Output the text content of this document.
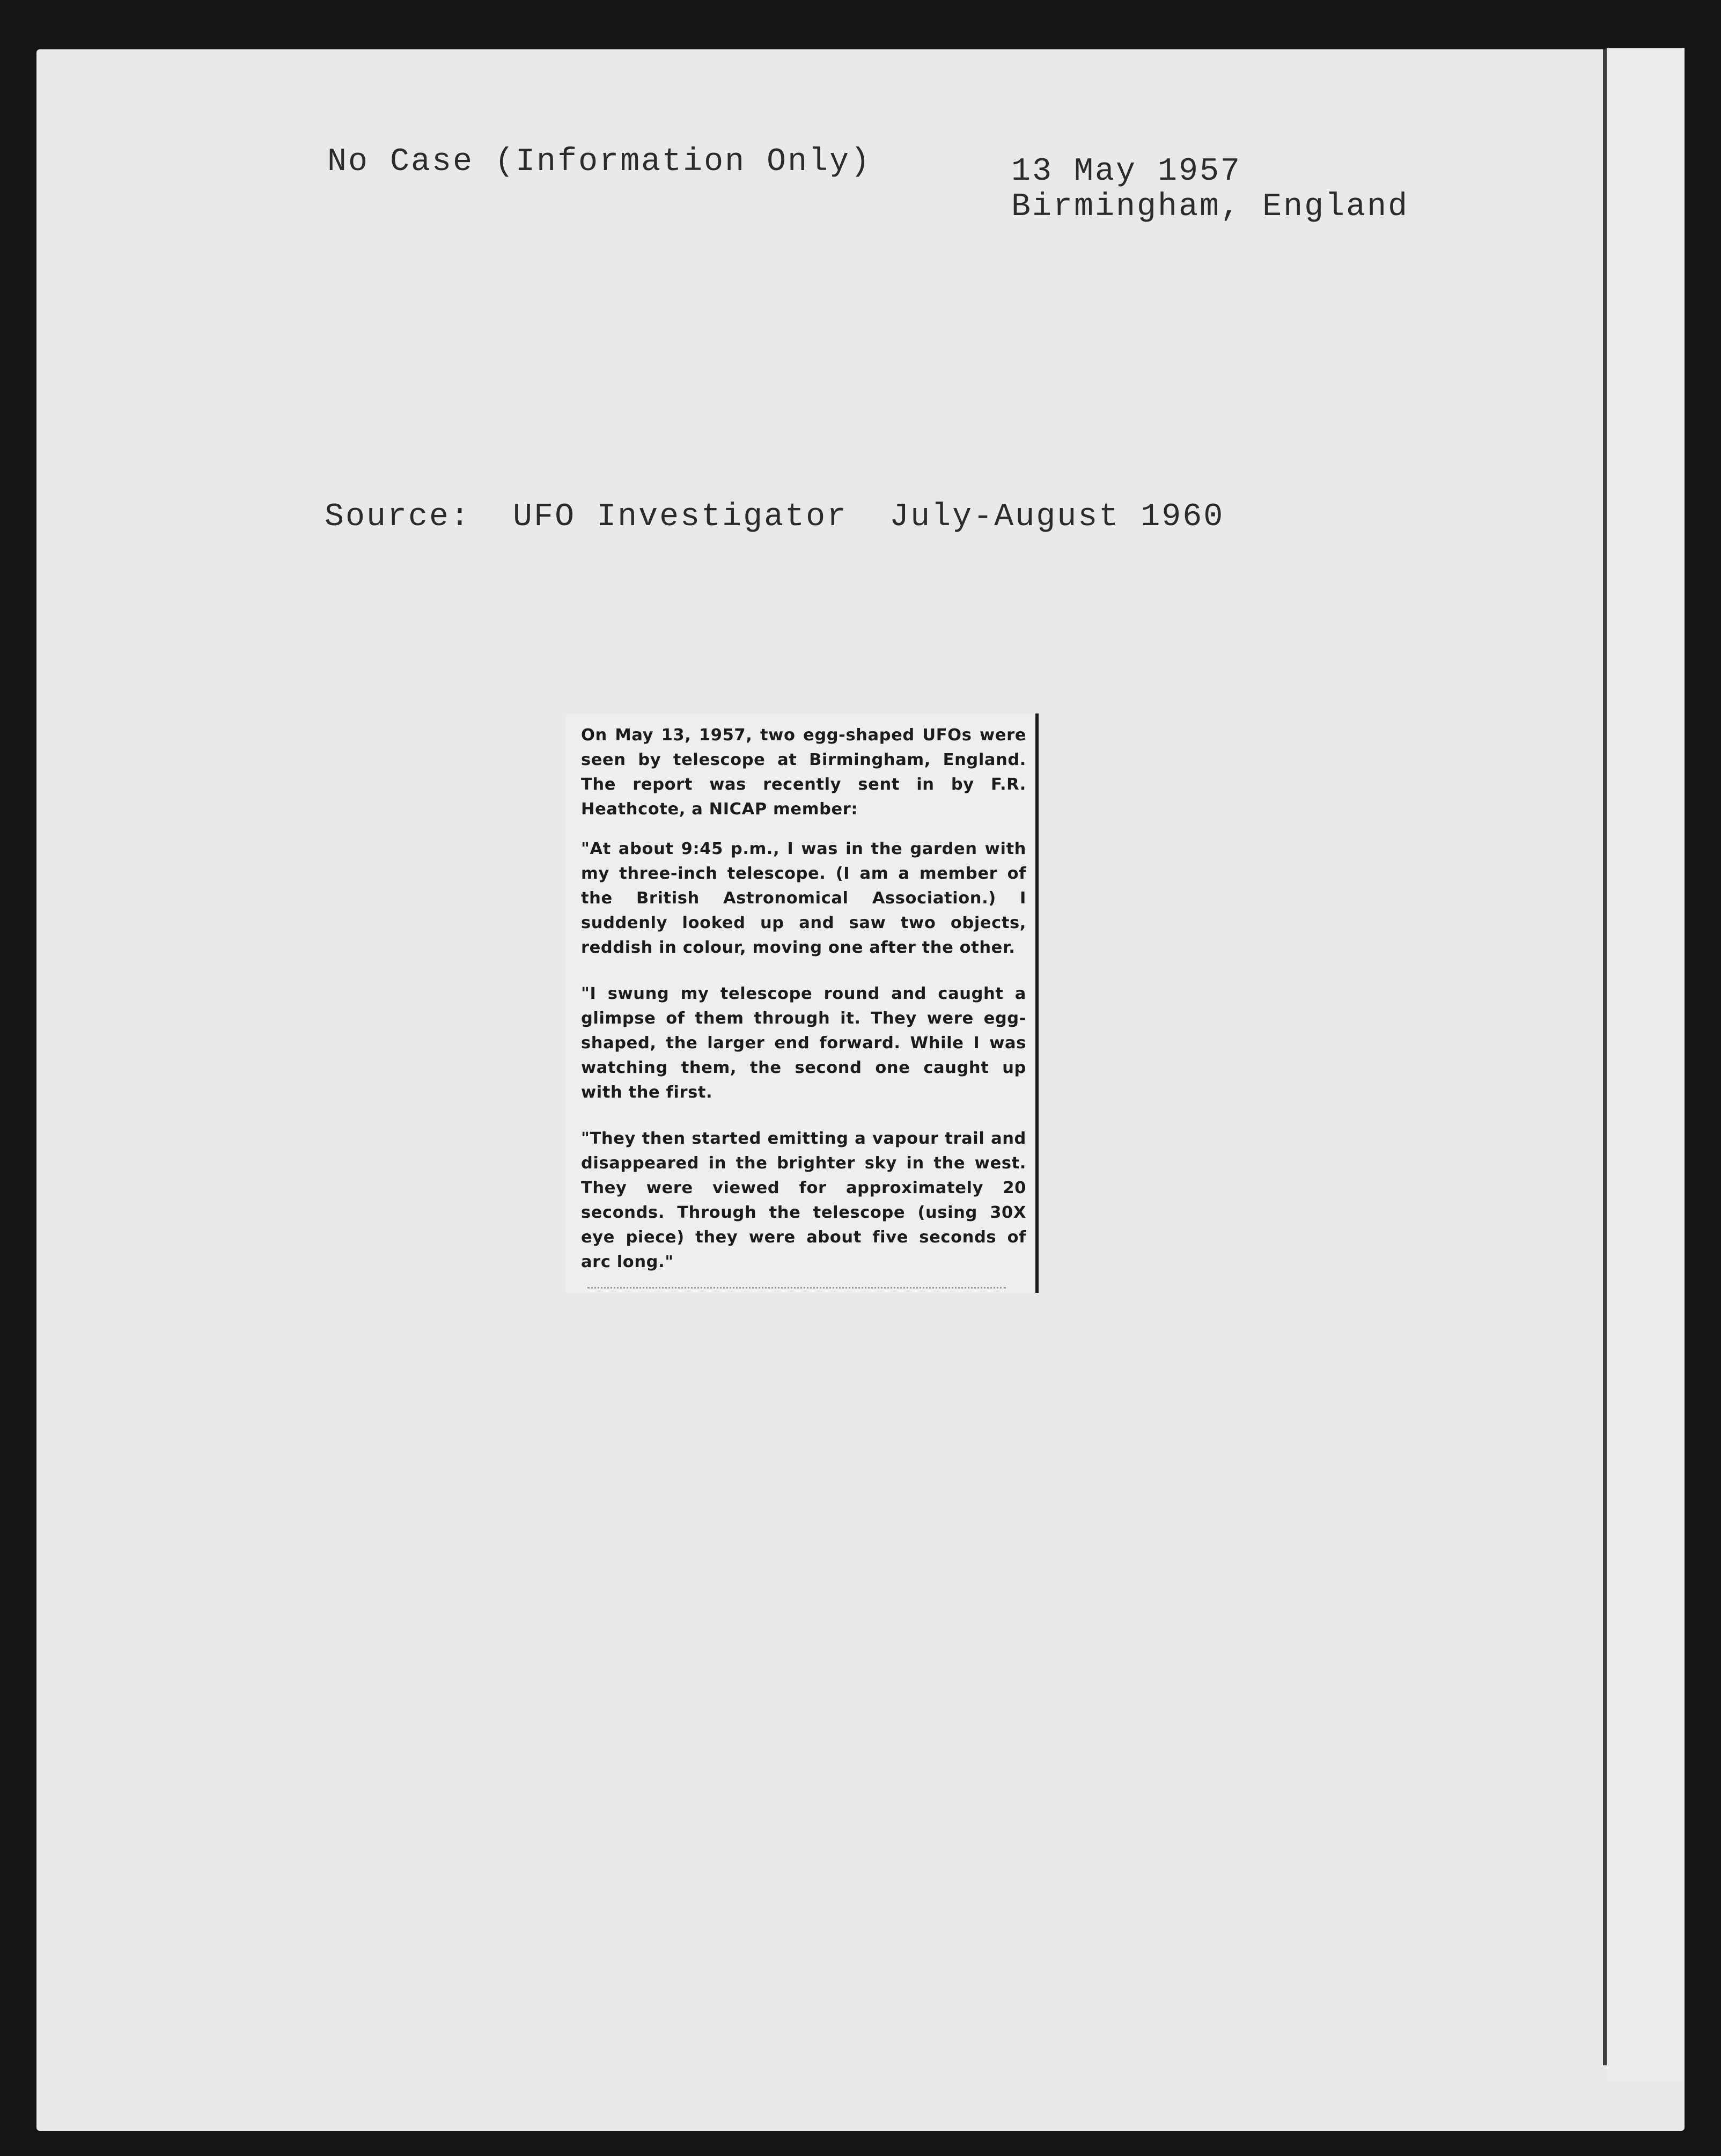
No Case (Information Only)	13 May 1957

Birmingham, England

Source:  UFO Investigator  July-August 1960

On May 13, 1957, two egg-shaped UFOs were seen by telescope at Birmingham, England. The report was recently sent in by F.R. Heathcote, a NICAP member:

"At about 9:45 p.m., I was in the garden with my three-inch telescope. (I am a member of the British Astronomical Association.) I suddenly looked up and saw two objects, reddish in colour, moving one after the other.

"I swung my telescope round and caught a glimpse of them through it. They were egg-shaped, the larger end forward. While I was watching them, the second one caught up with the first.

"They then started emitting a vapour trail and disappeared in the brighter sky in the west. They were viewed for approximately 20 seconds. Through the telescope (using 30X eye piece) they were about five seconds of arc long."
